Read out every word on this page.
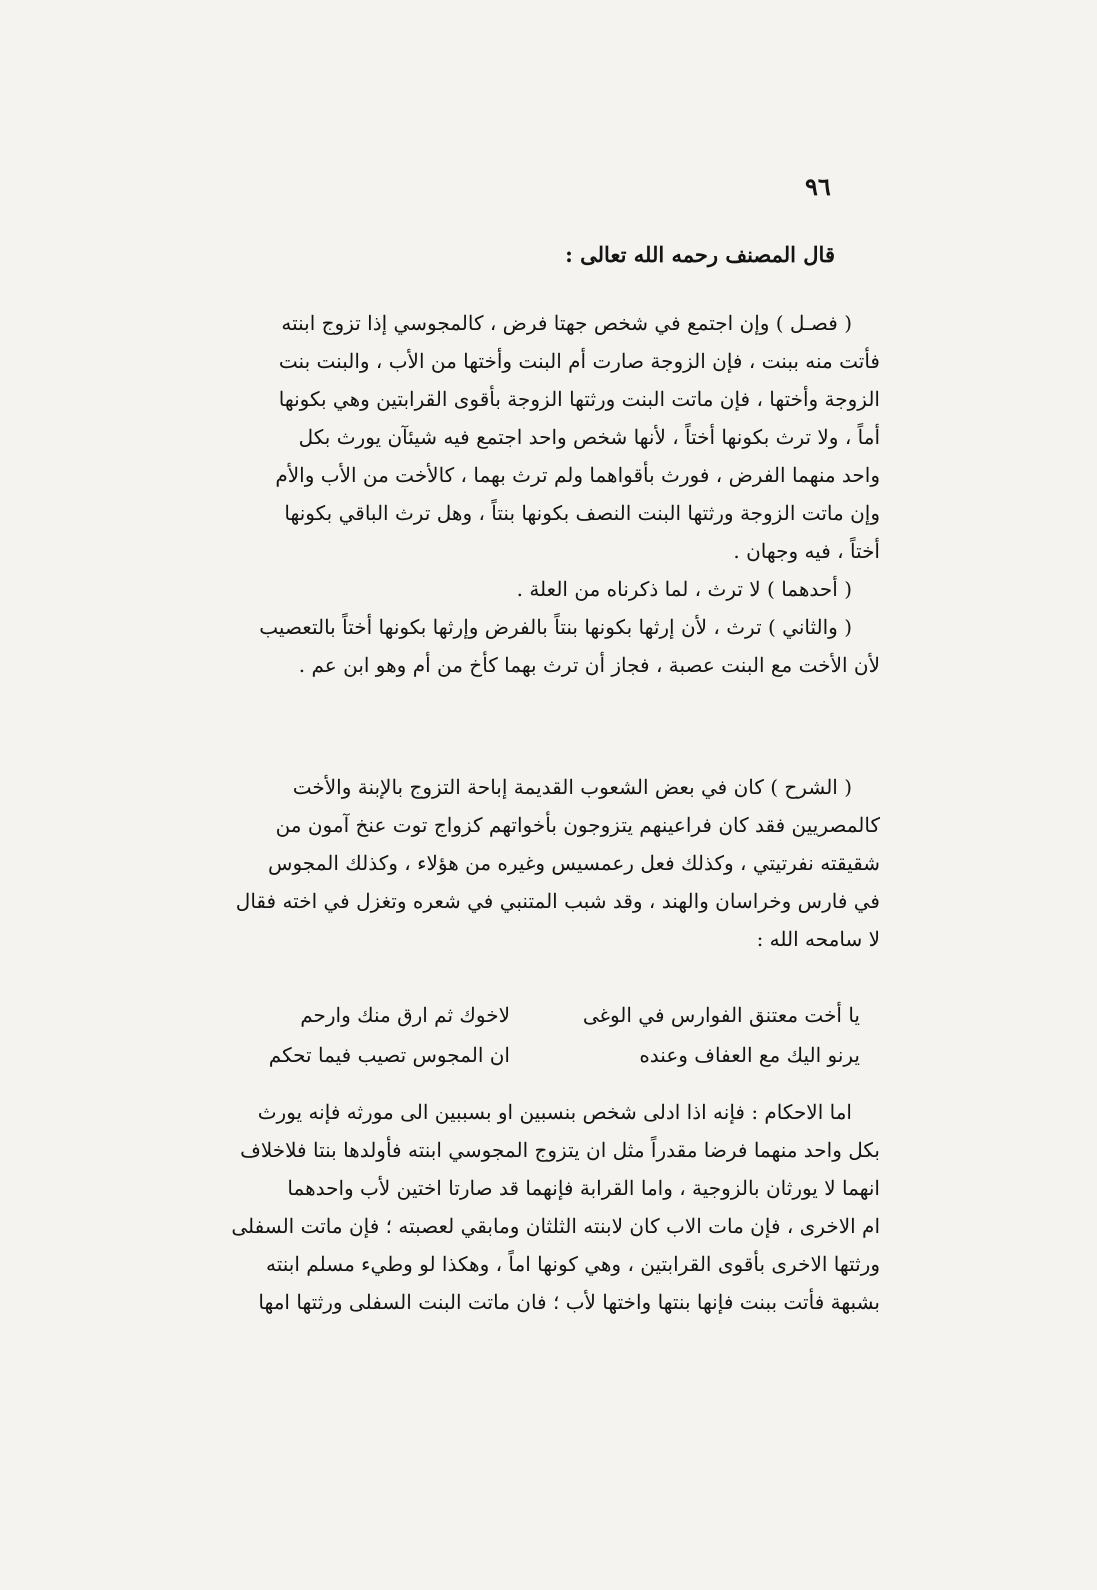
٩٦
قال المصنف رحمه الله تعالى :
( فصـل ) وإن اجتمع في شخص جهتا فرض ، كالمجوسي إذا تزوج ابنته
فأتت منه ببنت ، فإن الزوجة صارت أم البنت وأختها من الأب ، والبنت بنت
الزوجة وأختها ، فإن ماتت البنت ورثتها الزوجة بأقوى القرابتين وهي بكونها
أماً ، ولا ترث بكونها أختاً ، لأنها شخص واحد اجتمع فيه شيئآن يورث بكل
واحد منهما الفرض ، فورث بأقواهما ولم ترث بهما ، كالأخت من الأب والأم
وإن ماتت الزوجة ورثتها البنت النصف بكونها بنتاً ، وهل ترث الباقي بكونها
أختاً ، فيه وجهان .
( أحدهما ) لا ترث ، لما ذكرناه من العلة .
( والثاني ) ترث ، لأن إرثها بكونها بنتاً بالفرض وإرثها بكونها أختاً بالتعصيب
لأن الأخت مع البنت عصبة ، فجاز أن ترث بهما كأخ من أم وهو ابن عم .
( الشرح ) كان في بعض الشعوب القديمة إباحة التزوج بالإبنة والأخت
كالمصريين فقد كان فراعينهم يتزوجون بأخواتهم كزواج توت عنخ آمون من
شقيقته نفرتيتي ، وكذلك فعل رعمسيس وغيره من هؤلاء ، وكذلك المجوس
في فارس وخراسان والهند ، وقد شبب المتنبي في شعره وتغزل في اخته فقال
لا سامحه الله :
يا أخت معتنق الفوارس في الوغى
لاخوك ثم ارق منك وارحم
يرنو اليك مع العفاف وعنده
ان المجوس تصيب فيما تحكم
اما الاحكام : فإنه اذا ادلى شخص بنسبين او بسببين الى مورثه فإنه يورث
بكل واحد منهما فرضا مقدراً مثل ان يتزوج المجوسي ابنته فأولدها بنتا فلاخلاف
انهما لا يورثان بالزوجية ، واما القرابة فإنهما قد صارتا اختين لأب واحدهما
ام الاخرى ، فإن مات الاب كان لابنته الثلثان ومابقي لعصبته ؛ فإن ماتت السفلى
ورثتها الاخرى بأقوى القرابتين ، وهي كونها اماً ، وهكذا لو وطيء مسلم ابنته
بشبهة فأتت ببنت فإنها بنتها واختها لأب ؛ فان ماتت البنت السفلى ورثتها امها
